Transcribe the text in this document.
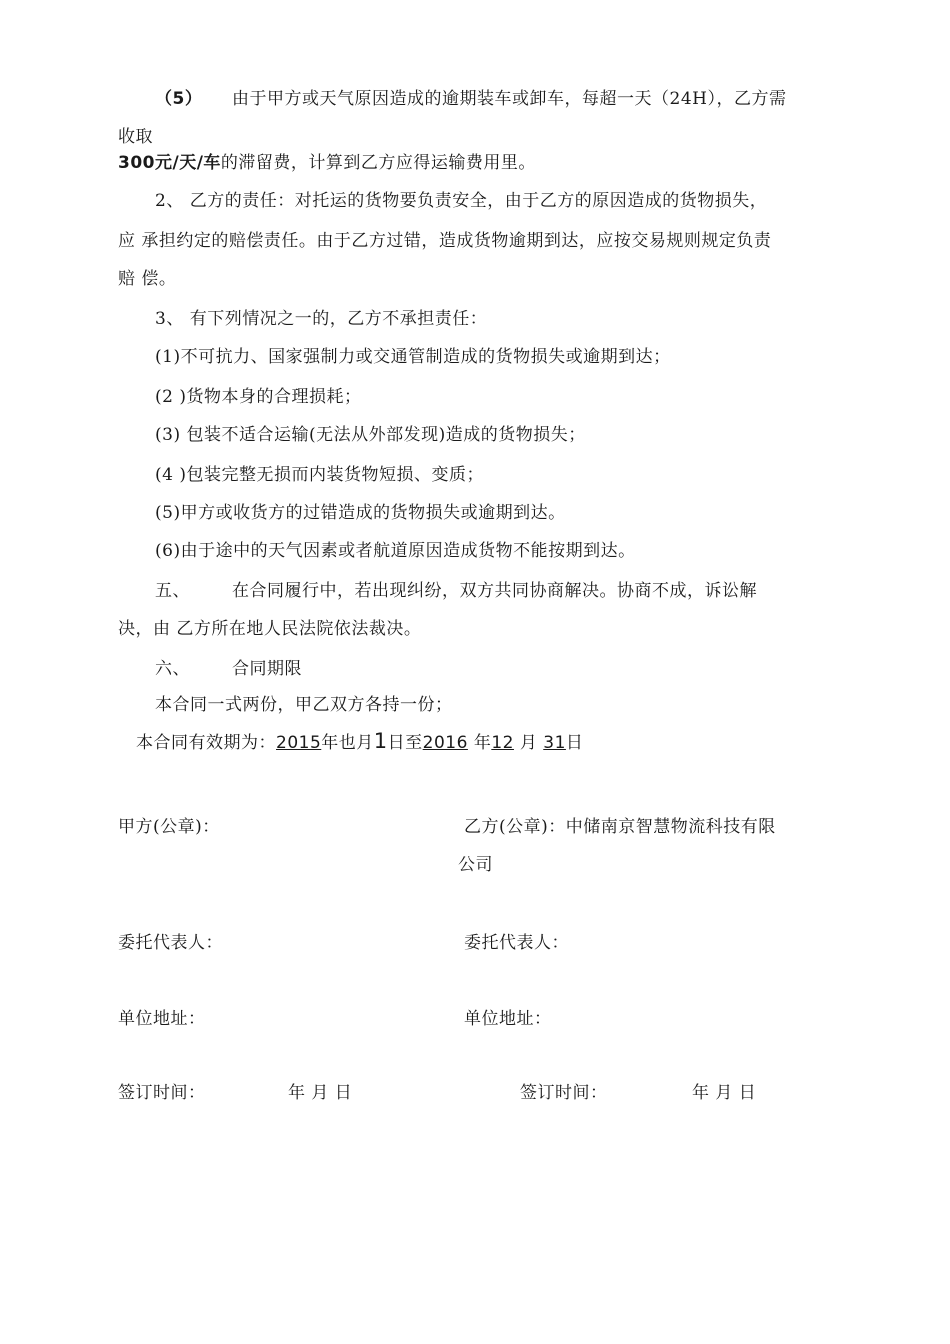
（5） 由于甲方或天气原因造成的逾期装车或卸车，每超一天（24H），乙方需
收取
300元/天/车的滞留费，计算到乙方应得运输费用里。
2、 乙方的责任：对托运的货物要负责安全，由于乙方的原因造成的货物损失，
应 承担约定的赔偿责任。由于乙方过错，造成货物逾期到达，应按交易规则规定负责
赔 偿。
3、 有下列情况之一的，乙方不承担责任：
(1)不可抗力、国家强制力或交通管制造成的货物损失或逾期到达；
(2 )货物本身的合理损耗；
(3) 包装不适合运输(无法从外部发现)造成的货物损失；
(4 )包装完整无损而内装货物短损、变质；
(5)甲方或收货方的过错造成的货物损失或逾期到达。
(6)由于途中的天气因素或者航道原因造成货物不能按期到达。
五、 在合同履行中，若出现纠纷，双方共同协商解决。协商不成，诉讼解
决，由 乙方所在地人民法院依法裁决。
六、 合同期限
本合同一式两份，甲乙双方各持一份；
本合同有效期为：2015年也月1日至2016 年12 月 31日
甲方(公章)：	乙方(公章)：中储南京智慧物流科技有限
公司
委托代表人：	委托代表人：
单位地址：	单位地址：
签订时间：	年 月 日	签订时间：	年 月 日
